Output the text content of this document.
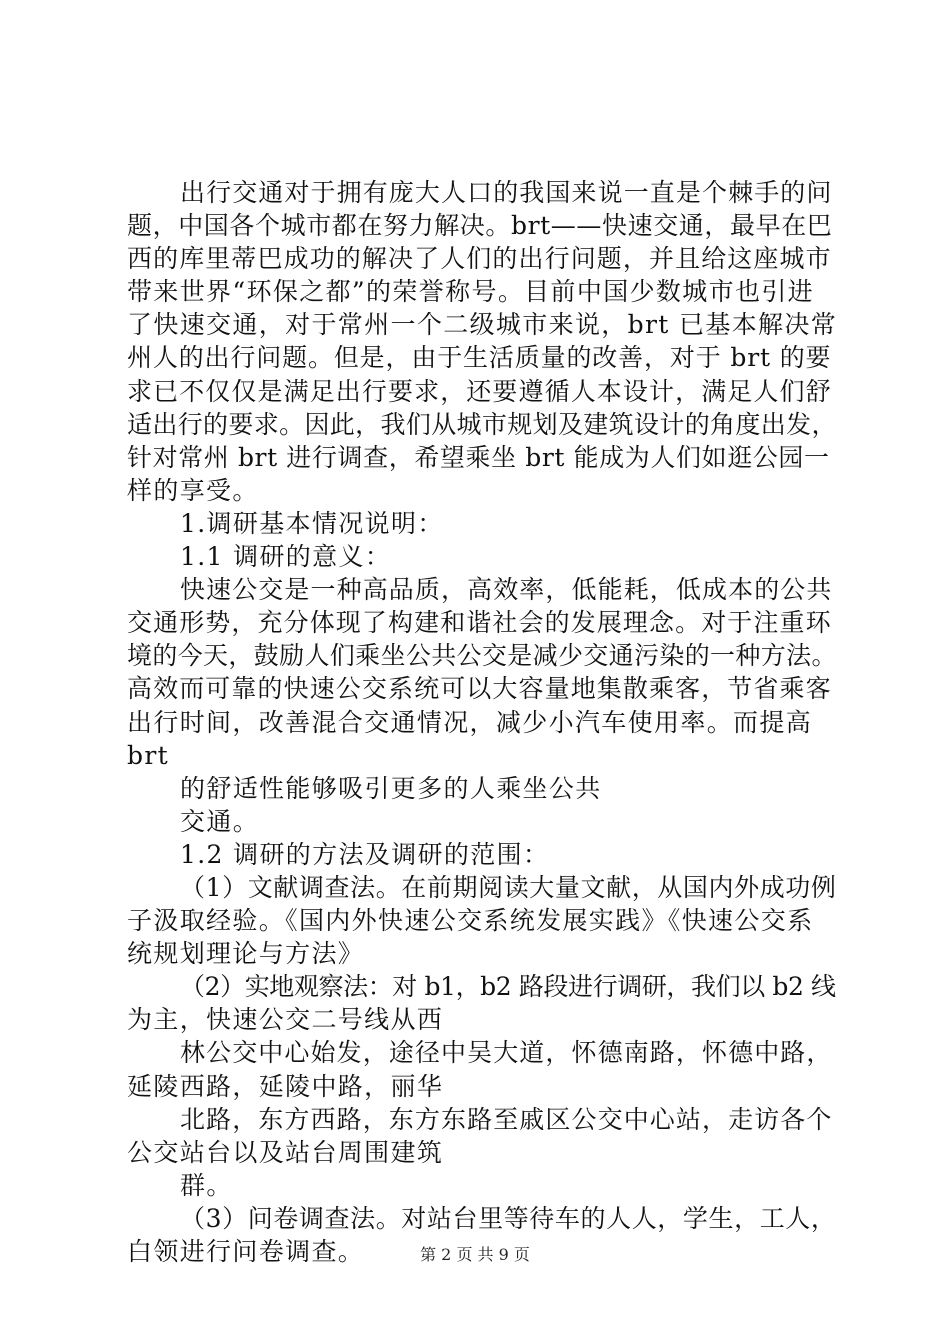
出行交通对于拥有庞大人口的我国来说一直是个棘手的问
题，中国各个城市都在努力解决。brt——快速交通，最早在巴
西的库里蒂巴成功的解决了人们的出行问题，并且给这座城市
带来世界“环保之都”的荣誉称号。目前中国少数城市也引进
了快速交通，对于常州一个二级城市来说，brt 已基本解决常
州人的出行问题。但是，由于生活质量的改善，对于 brt 的要
求已不仅仅是满足出行要求，还要遵循人本设计，满足人们舒
适出行的要求。因此，我们从城市规划及建筑设计的角度出发，
针对常州 brt 进行调查，希望乘坐 brt 能成为人们如逛公园一
样的享受。
1.调研基本情况说明：
1.1 调研的意义：
快速公交是一种高品质，高效率，低能耗，低成本的公共
交通形势，充分体现了构建和谐社会的发展理念。对于注重环
境的今天，鼓励人们乘坐公共公交是减少交通污染的一种方法。
高效而可靠的快速公交系统可以大容量地集散乘客，节省乘客
出行时间，改善混合交通情况，减少小汽车使用率。而提高
brt
的舒适性能够吸引更多的人乘坐公共
交通。
1.2 调研的方法及调研的范围：
（1）文献调查法。在前期阅读大量文献，从国内外成功例
子汲取经验。《国内外快速公交系统发展实践》《快速公交系
统规划理论与方法》
（2）实地观察法：对 b1，b2 路段进行调研，我们以 b2 线
为主，快速公交二号线从西
林公交中心始发，途径中吴大道，怀德南路，怀德中路，
延陵西路，延陵中路，丽华
北路，东方西路，东方东路至戚区公交中心站，走访各个
公交站台以及站台周围建筑
群。
（3）问卷调查法。对站台里等待车的人人，学生，工人，
白领进行问卷调查。	第 2 页 共 9 页
